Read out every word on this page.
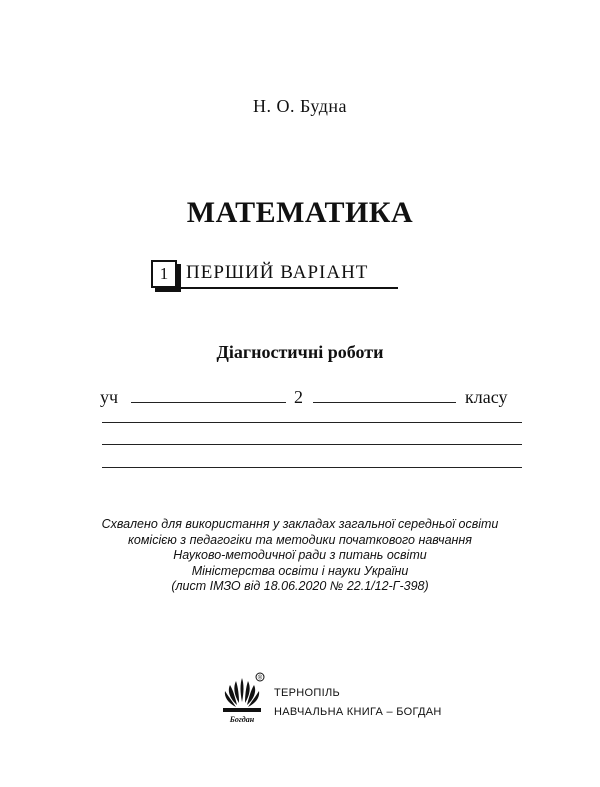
Н. О. Будна
МАТЕМАТИКА
1 ПЕРШИЙ ВАРІАНТ
Діагностичні роботи
уч	2	класу
Схвалено для використання у закладах загальної середньої освіти
комісією з педагогіки та методики початкового навчання
Науково-методичної ради з питань освіти
Міністерства освіти і науки України
(лист ІМЗО від 18.06.2020 № 22.1/12-Г-398)
®
Богдан
ТЕРНОПІЛЬ
НАВЧАЛЬНА КНИГА – БОГДАН
